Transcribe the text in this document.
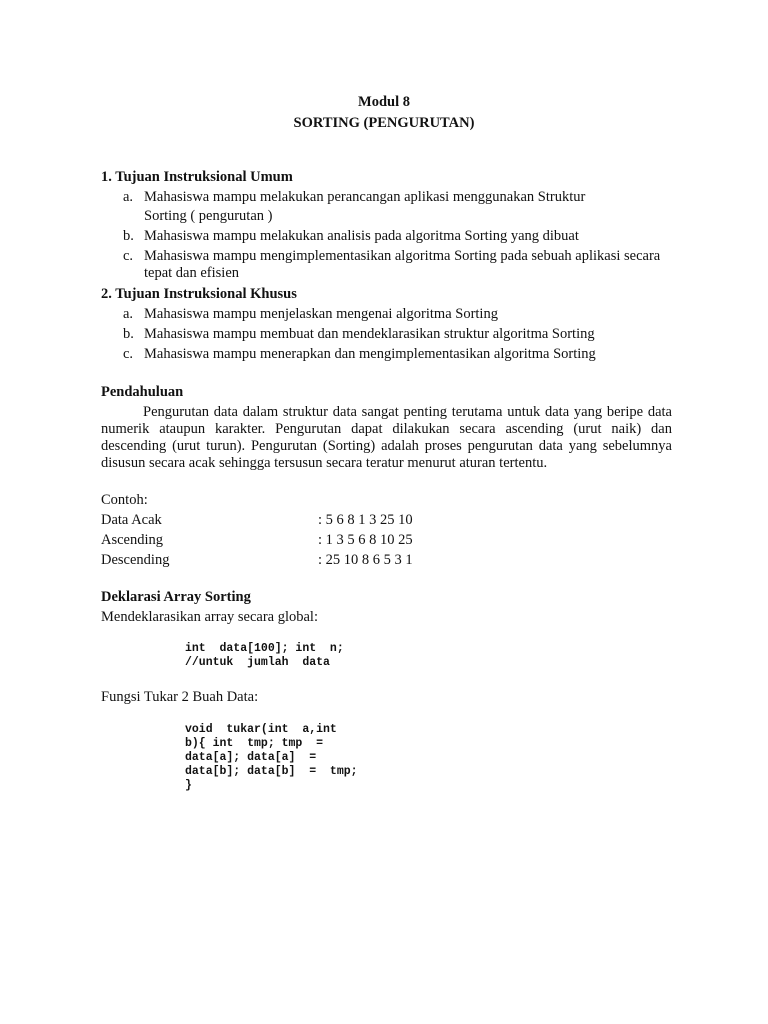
Modul 8
SORTING (PENGURUTAN)
1. Tujuan Instruksional Umum
a. Mahasiswa mampu melakukan perancangan aplikasi menggunakan Struktur
Sorting ( pengurutan )
b. Mahasiswa mampu melakukan analisis pada algoritma Sorting yang dibuat
c. Mahasiswa mampu mengimplementasikan algoritma Sorting pada sebuah aplikasi secara
tepat dan efisien
2. Tujuan Instruksional Khusus
a. Mahasiswa mampu menjelaskan mengenai algoritma Sorting
b. Mahasiswa mampu membuat dan mendeklarasikan struktur algoritma Sorting
c. Mahasiswa mampu menerapkan dan mengimplementasikan algoritma Sorting
Pendahuluan
Pengurutan data dalam struktur data sangat penting terutama untuk data yang beripe data
numerik ataupun karakter. Pengurutan dapat dilakukan secara ascending (urut naik) dan
descending (urut turun). Pengurutan (Sorting) adalah proses pengurutan data yang sebelumnya
disusun secara acak sehingga tersusun secara teratur menurut aturan tertentu.
Contoh:
Data Acak	: 5 6 8 1 3 25 10
Ascending	: 1 3 5 6 8 10 25
Descending	: 25 10 8 6 5 3 1
Deklarasi Array Sorting
Mendeklarasikan array secara global:
int  data[100]; int  n;
//untuk  jumlah  data
Fungsi Tukar 2 Buah Data:
void  tukar(int  a,int
b){ int  tmp; tmp  =
data[a]; data[a]  =
data[b]; data[b]  =  tmp;
}
